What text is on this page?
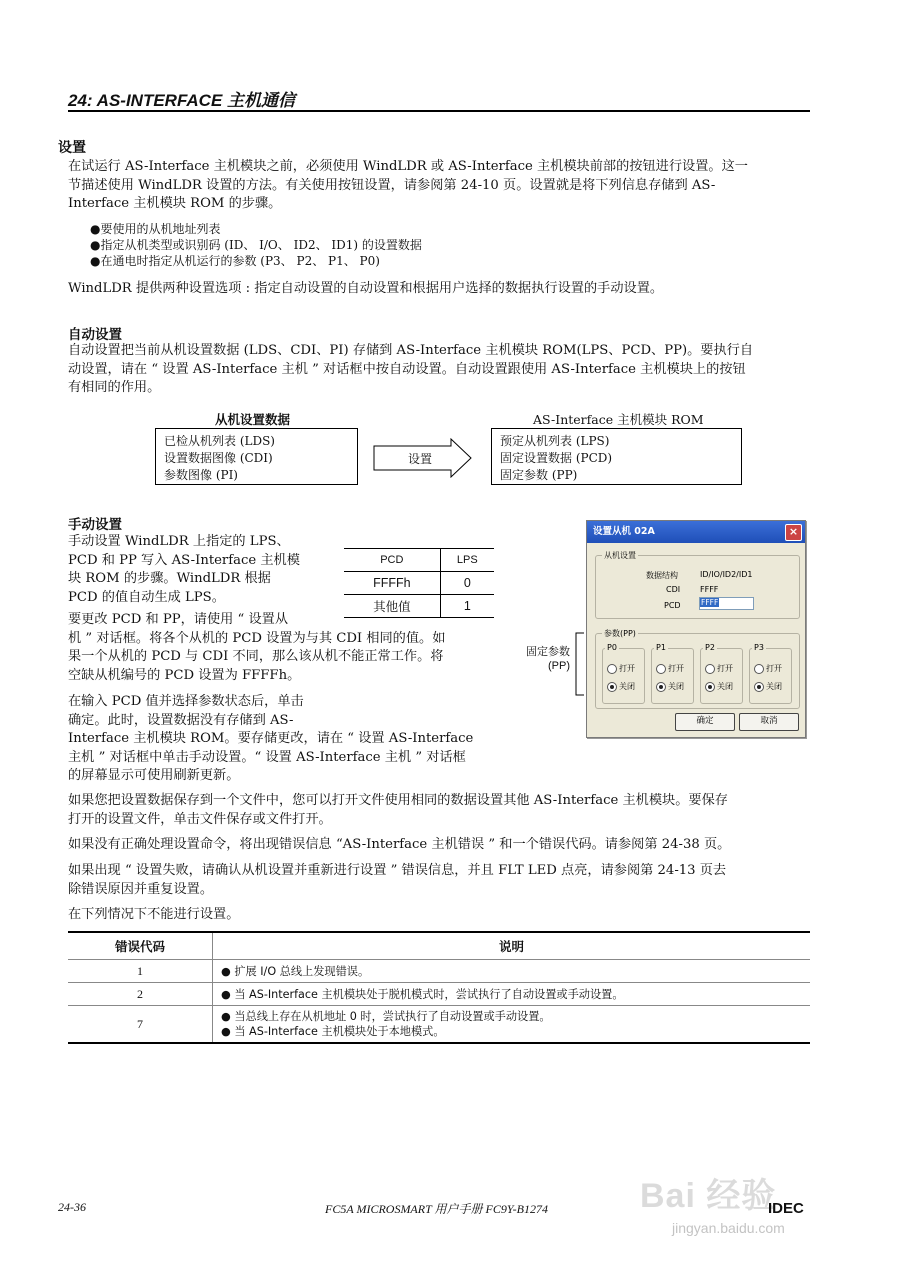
24: AS-INTERFACE 主机通信
设置
在试运行 AS-Interface 主机模块之前，必须使用 WindLDR 或 AS-Interface 主机模块前部的按钮进行设置。这一
节描述使用 WindLDR 设置的方法。有关使用按钮设置，请参阅第 24-10 页。设置就是将下列信息存储到 AS-
Interface 主机模块 ROM 的步骤。
●要使用的从机地址列表
●指定从机类型或识别码 (ID、 I/O、 ID2、 ID1) 的设置数据
●在通电时指定从机运行的参数 (P3、 P2、 P1、 P0)
WindLDR 提供两种设置选项 : 指定自动设置的自动设置和根据用户选择的数据执行设置的手动设置。
自动设置
自动设置把当前从机设置数据 (LDS、CDI、PI) 存储到 AS-Interface 主机模块 ROM(LPS、PCD、PP)。要执行自
动设置，请在 “ 设置 AS-Interface 主机 ” 对话框中按自动设置。自动设置跟使用 AS-Interface 主机模块上的按钮
有相同的作用。
从机设置数据
已检从机列表 (LDS)
设置数据图像 (CDI)
参数图像 (PI)
设置
AS-Interface 主机模块 ROM
预定从机列表 (LPS)
固定设置数据 (PCD)
固定参数 (PP)
手动设置
手动设置 WindLDR 上指定的 LPS、
PCD 和 PP 写入 AS-Interface 主机模
块 ROM 的步骤。WindLDR 根据
PCD 的值自动生成 LPS。
要更改 PCD 和 PP，请使用 “ 设置从
机 ” 对话框。将各个从机的 PCD 设置为与其 CDI 相同的值。如
果一个从机的 PCD 与 CDI 不同，那么该从机不能正常工作。将
空缺从机编号的 PCD 设置为 FFFFh。
在输入 PCD 值并选择参数状态后，单击
确定。此时，设置数据没有存储到 AS-
Interface 主机模块 ROM。要存储更改，请在 “ 设置 AS-Interface
主机 ” 对话框中单击手动设置。“ 设置 AS-Interface 主机 ” 对话框
的屏幕显示可使用刷新更新。
PCD	LPS
FFFFh	0
其他值	1
固定参数
(PP)
设置从机 02A	×
从机设置
数据结构	ID/IO/ID2/ID1
CDI FFFF
PCD	FFFF
参数(PP)
P0
打开
关闭
P1
打开
关闭
P2
打开
关闭
P3
打开
关闭
确定	取消
如果您把设置数据保存到一个文件中，您可以打开文件使用相同的数据设置其他 AS-Interface 主机模块。要保存
打开的设置文件，单击文件保存或文件打开。
如果没有正确处理设置命令，将出现错误信息 “AS-Interface 主机错误 ” 和一个错误代码。请参阅第 24-38 页。
如果出现 “ 设置失败，请确认从机设置并重新进行设置 ” 错误信息，并且 FLT LED 点亮，请参阅第 24-13 页去
除错误原因并重复设置。
在下列情况下不能进行设置。
错误代码	说明
1	● 扩展 I/O 总线上发现错误。

2	● 当 AS-Interface 主机模块处于脱机模式时，尝试执行了自动设置或手动设置。

7	● 当总线上存在从机地址 0 时，尝试执行了自动设置或手动设置。
● 当 AS-Interface 主机模块处于本地模式。
24-36	FC5A MICROSMART 用户手册 FC9Y-B1274	Bai 经验
jingyan.baidu.com
IDEC
